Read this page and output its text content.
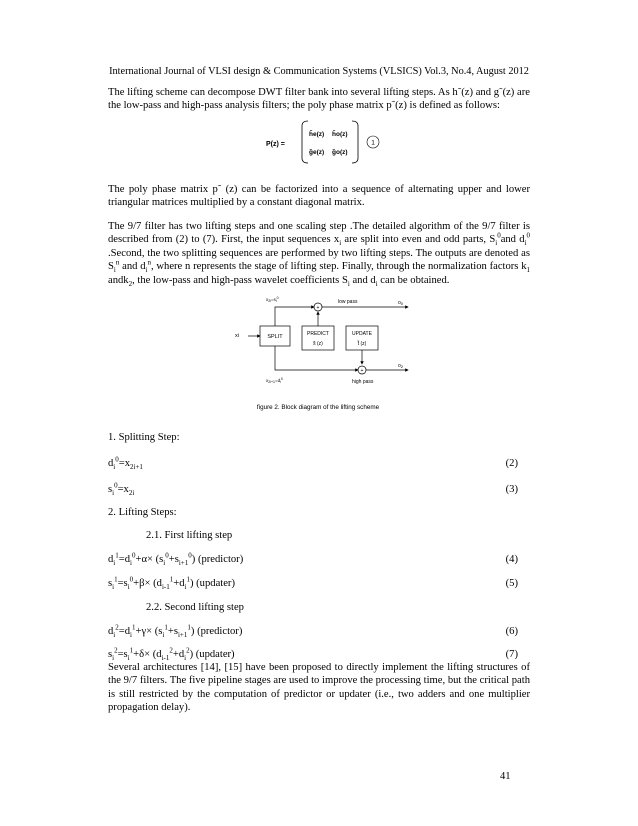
International Journal of VLSI design & Communication Systems (VLSICS) Vol.3, No.4, August 2012
The lifting scheme can decompose DWT filter bank into several lifting steps. As h˜(z) and g˜(z) are the low-pass and high-pass analysis filters; the poly phase matrix p˜(z) is defined as follows:
P(z) =
h̃e(z) h̃o(z)
g̃e(z) g̃o(z)
1
The poly phase matrix p˜ (z) can be factorized into a sequence of alternating upper and lower triangular matrices multiplied by a constant diagonal matrix.
The 9/7 filter has two lifting steps and one scaling step .The detailed algorithm of the 9/7 filter is described from (2) to (7). First, the input sequences $x_i$ are split into even and odd parts, $S_i^0and$ $d_i^0$ .Second, the two splitting sequences are performed by two lifting steps. The outputs are denoted as $S_i^n$ and $d_i^n$, where n represents the stage of lifting step. Finally, through the normalization factors $k_1$ andk$_2$, the low-pass and high-pass wavelet coefficients $S_i$ and $d_i$ can be obtained.
xi	SPLIT
$x_{2i}=s_i^0$
+
low pass	$o_0$
PREDICT
s̃ (z)
UPDATE
t̃ (z)
+
$o_2$
high pass
$x_{2i+1}=d_i^0$
figure 2. Block diagram of the lifting scheme
1. Splitting Step:
$d_i^0=x_{2i+1}$	(2)
$s_i^0=x_{2i}$	(3)
2. Lifting Steps:
2.1. First lifting step
$d_i^1=d_i^0+\alpha\times (s_i^0+s_{i+1}^0)$ (predictor)	(4)
$s_i^1=s_i^0+\beta\times (d_{i-1}^1+d_i^1)$ (updater)	(5)
2.2. Second lifting step
$d_i^2=d_i^1+\gamma\times (s_i^1+s_{i+1}^1)$ (predictor)	(6)
$s_i^2=s_i^1+\delta\times (d_{i-1}^2+d_i^2)$ (updater)	(7)
Several architectures [14], [15] have been proposed to directly implement the lifting structures of the 9/7 filters. The five pipeline stages are used to improve the processing time, but the critical path is still restricted by the computation of predictor or updater (i.e., two adders and one multiplier propagation delay).
41
